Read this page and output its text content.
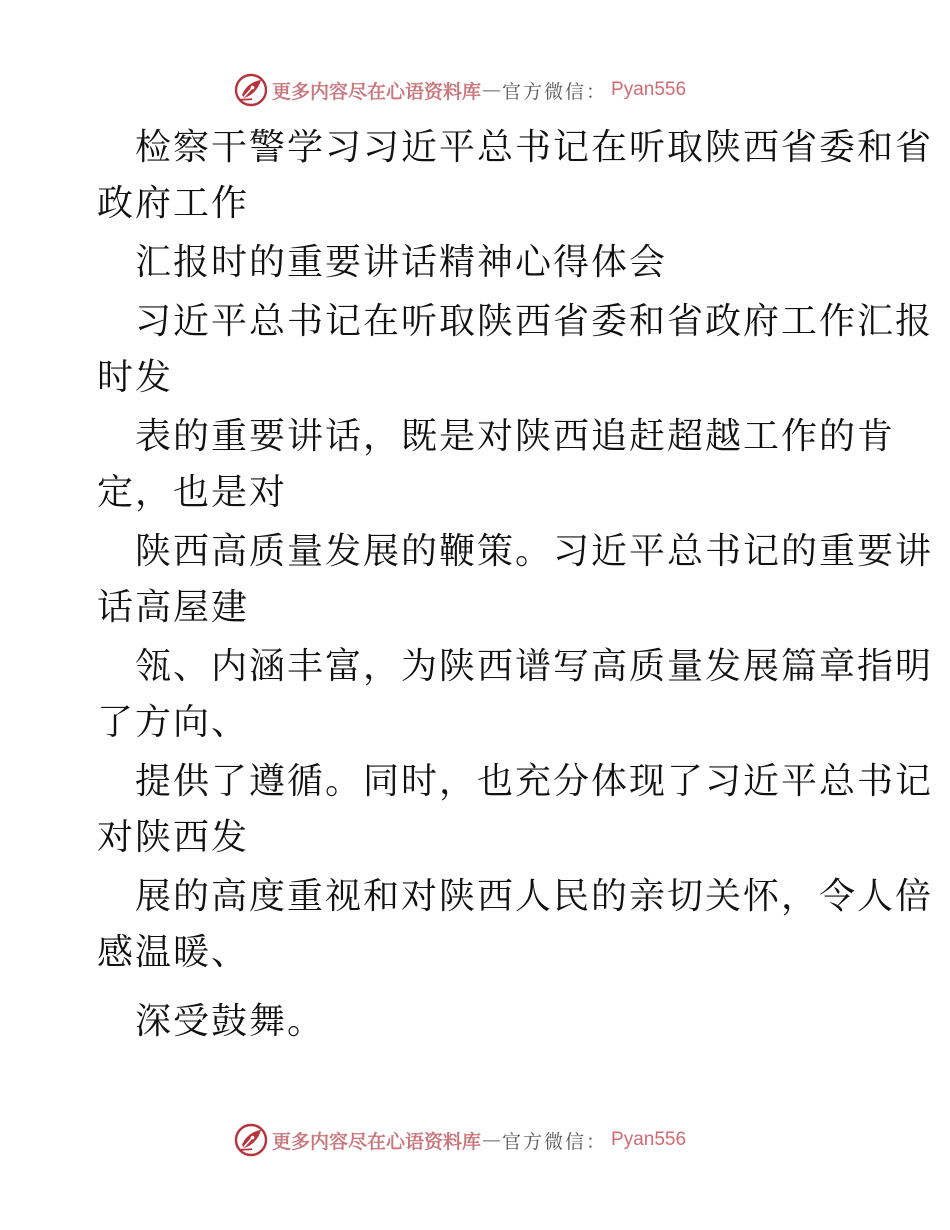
更多内容尽在心语资料库 — 官方微信： Pyan556
检察干警学习习近平总书记在听取陕西省委和省
政府工作
汇报时的重要讲话精神心得体会
习近平总书记在听取陕西省委和省政府工作汇报
时发
表的重要讲话，既是对陕西追赶超越工作的肯
定，也是对
陕西高质量发展的鞭策。习近平总书记的重要讲
话高屋建
瓴、内涵丰富，为陕西谱写高质量发展篇章指明
了方向、
提供了遵循。同时，也充分体现了习近平总书记
对陕西发
展的高度重视和对陕西人民的亲切关怀，令人倍
感温暖、
深受鼓舞。
更多内容尽在心语资料库 — 官方微信： Pyan556
